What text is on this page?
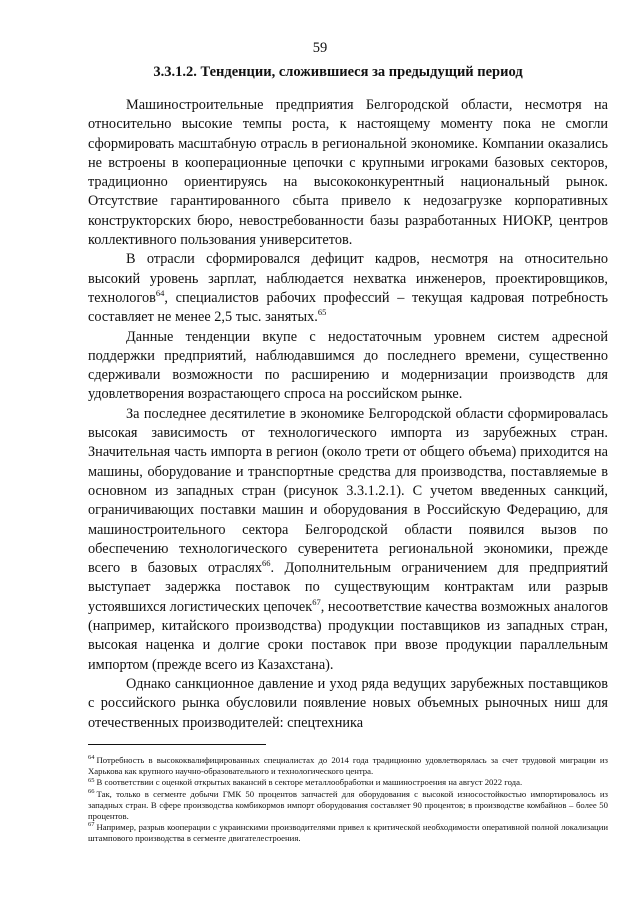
59
3.3.1.2. Тенденции, сложившиеся за предыдущий период

Машиностроительные предприятия Белгородской области, несмотря на относительно высокие темпы роста, к настоящему моменту пока не смогли сформировать масштабную отрасль в региональной экономике. Компании оказались не встроены в кооперационные цепочки с крупными игроками базовых секторов, традиционно ориентируясь на высококонкурентный национальный рынок. Отсутствие гарантированного сбыта привело к недозагрузке корпоративных конструкторских бюро, невостребованности базы разработанных НИОКР, центров коллективного пользования университетов.

В отрасли сформировался дефицит кадров, несмотря на относительно высокий уровень зарплат, наблюдается нехватка инженеров, проектировщиков, технологов$^{64}$, специалистов рабочих профессий – текущая кадровая потребность составляет не менее 2,5 тыс. занятых.$^{65}$

Данные тенденции вкупе с недостаточным уровнем систем адресной поддержки предприятий, наблюдавшимся до последнего времени, существенно сдерживали возможности по расширению и модернизации производств для удовлетворения возрастающего спроса на российском рынке.

За последнее десятилетие в экономике Белгородской области сформировалась высокая зависимость от технологического импорта из зарубежных стран. Значительная часть импорта в регион (около трети от общего объема) приходится на машины, оборудование и транспортные средства для производства, поставляемые в основном из западных стран (рисунок 3.3.1.2.1). С учетом введенных санкций, ограничивающих поставки машин и оборудования в Российскую Федерацию, для машиностроительного сектора Белгородской области появился вызов по обеспечению технологического суверенитета региональной экономики, прежде всего в базовых отраслях$^{66}$. Дополнительным ограничением для предприятий выступает задержка поставок по существующим контрактам или разрыв устоявшихся логистических цепочек$^{67}$, несоответствие качества возможных аналогов (например, китайского производства) продукции поставщиков из западных стран, высокая наценка и долгие сроки поставок при ввозе продукции параллельным импортом (прежде всего из Казахстана).

Однако санкционное давление и уход ряда ведущих зарубежных поставщиков с российского рынка обусловили появление новых объемных рыночных ниш для отечественных производителей: спецтехника

$^{64}$ Потребность в высококвалифицированных специалистах до 2014 года традиционно удовлетворялась за счет трудовой миграции из Харькова как крупного научно-образовательного и технологического центра.

$^{65}$ В соответствии с оценкой открытых вакансий в секторе металлообработки и машиностроения на август 2022 года.

$^{66}$ Так, только в сегменте добычи ГМК 50 процентов запчастей для оборудования с высокой износостойкостью импортировалось из западных стран. В сфере производства комбикормов импорт оборудования составляет 90 процентов; в производстве комбайнов – более 50 процентов.

$^{67}$ Например, разрыв кооперации с украинскими производителями привел к критической необходимости оперативной полной локализации штампового производства в сегменте двигателестроения.
